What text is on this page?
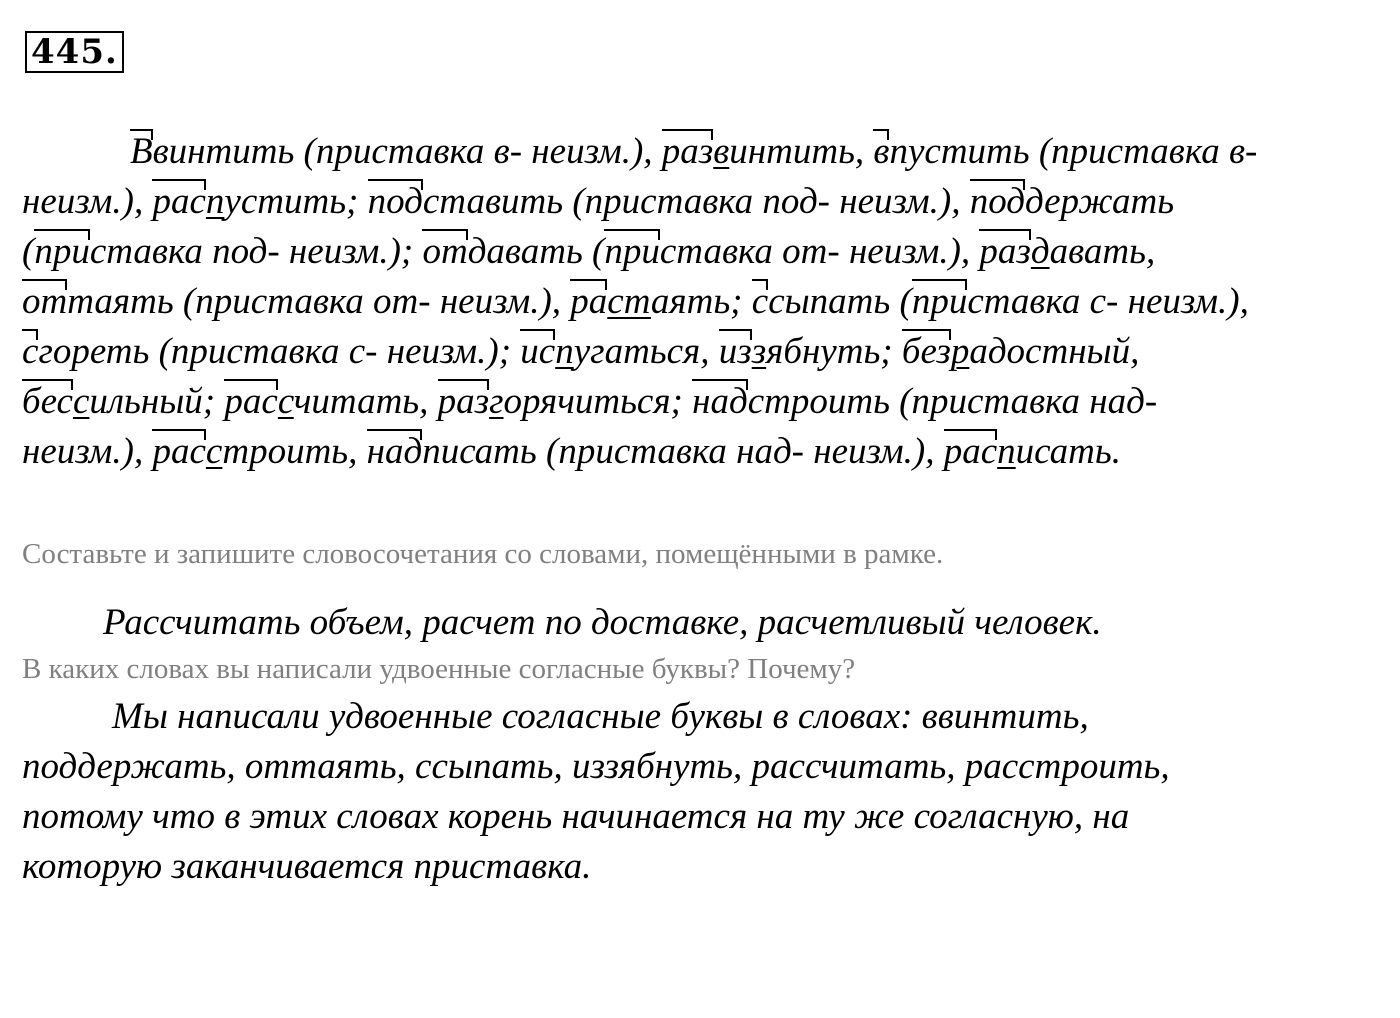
445.
Ввинтить (приставка в- неизм.), развинтить, впустить (приставка в-
неизм.), распустить; подставить (приставка под- неизм.), поддержать
(приставка под- неизм.); отдавать (приставка от- неизм.), раздавать,
оттаять (приставка от- неизм.), растаять; ссыпать (приставка с- неизм.),
сгореть (приставка с- неизм.); испугаться, иззябнуть; безрадостный,
бессильный; рассчитать, разгорячиться; надстроить (приставка над-
неизм.), расстроить, надписать (приставка над- неизм.), расписать.
Составьте и запишите словосочетания со словами, помещёнными в рамке.
Рассчитать объем, расчет по доставке, расчетливый человек.
В каких словах вы написали удвоенные согласные буквы? Почему?
Мы написали удвоенные согласные буквы в словах: ввинтить,
поддержать, оттаять, ссыпать, иззябнуть, рассчитать, расстроить,
потому что в этих словах корень начинается на ту же согласную, на
которую заканчивается приставка.
